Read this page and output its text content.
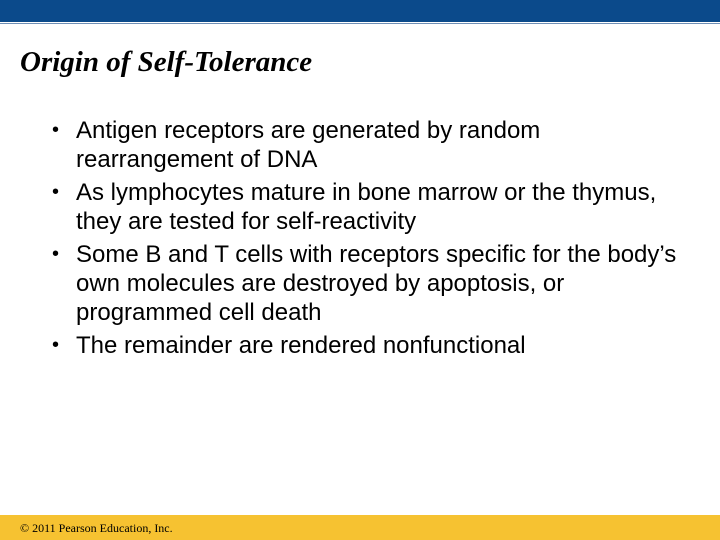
Origin of Self-Tolerance
• Antigen receptors are generated by random rearrangement of DNA
• As lymphocytes mature in bone marrow or the thymus, they are tested for self-reactivity
• Some B and T cells with receptors specific for the body’s own molecules are destroyed by apoptosis, or programmed cell death
• The remainder are rendered nonfunctional
© 2011 Pearson Education, Inc.
